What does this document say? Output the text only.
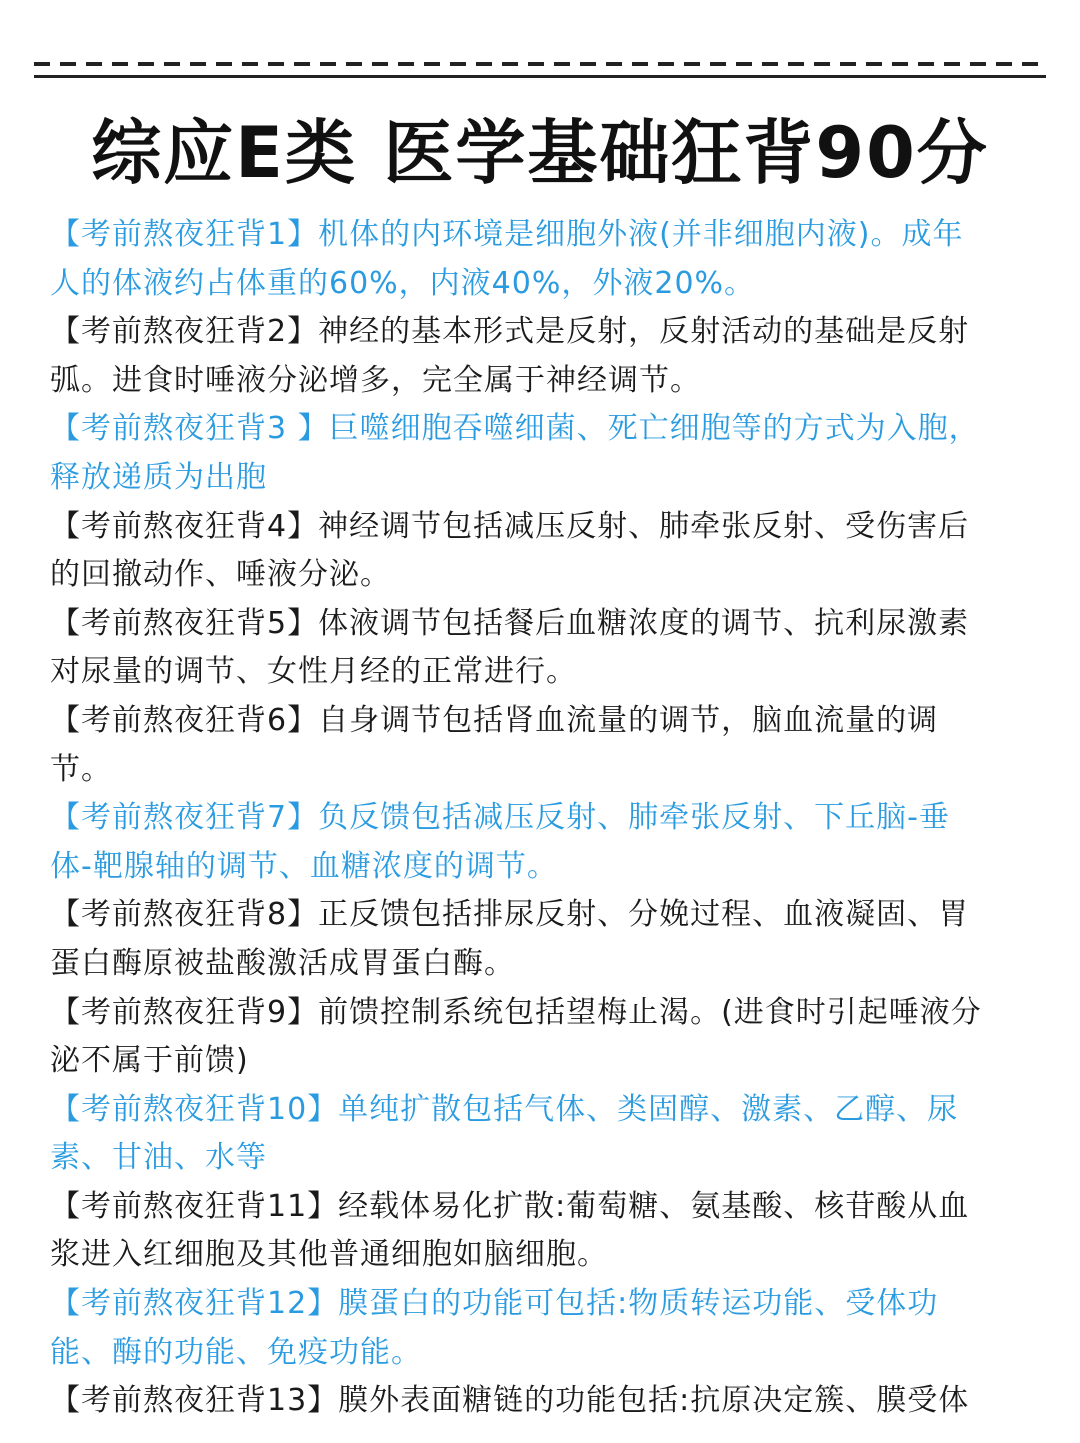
综应E类 医学基础狂背90分

【考前熬夜狂背1】机体的内环境是细胞外液(并非细胞内液)。成年
人的体液约占体重的60%，内液40%，外液20%。

【考前熬夜狂背2】神经的基本形式是反射，反射活动的基础是反射
弧。进食时唾液分泌增多，完全属于神经调节。

【考前熬夜狂背3 】巨噬细胞吞噬细菌、死亡细胞等的方式为入胞，
释放递质为出胞

【考前熬夜狂背4】神经调节包括减压反射、肺牵张反射、受伤害后
的回撤动作、唾液分泌。

【考前熬夜狂背5】体液调节包括餐后血糖浓度的调节、抗利尿激素
对尿量的调节、女性月经的正常进行。

【考前熬夜狂背6】自身调节包括肾血流量的调节，脑血流量的调
节。

【考前熬夜狂背7】负反馈包括减压反射、肺牵张反射、下丘脑-垂
体-靶腺轴的调节、血糖浓度的调节。

【考前熬夜狂背8】正反馈包括排尿反射、分娩过程、血液凝固、胃
蛋白酶原被盐酸激活成胃蛋白酶。

【考前熬夜狂背9】前馈控制系统包括望梅止渴。(进食时引起唾液分
泌不属于前馈)

【考前熬夜狂背10】单纯扩散包括气体、类固醇、激素、乙醇、尿
素、甘油、水等

【考前熬夜狂背11】经载体易化扩散:葡萄糖、氨基酸、核苷酸从血
浆进入红细胞及其他普通细胞如脑细胞。

【考前熬夜狂背12】膜蛋白的功能可包括:物质转运功能、受体功
能、酶的功能、免疫功能。

【考前熬夜狂背13】膜外表面糖链的功能包括:抗原决定簇、膜受体
